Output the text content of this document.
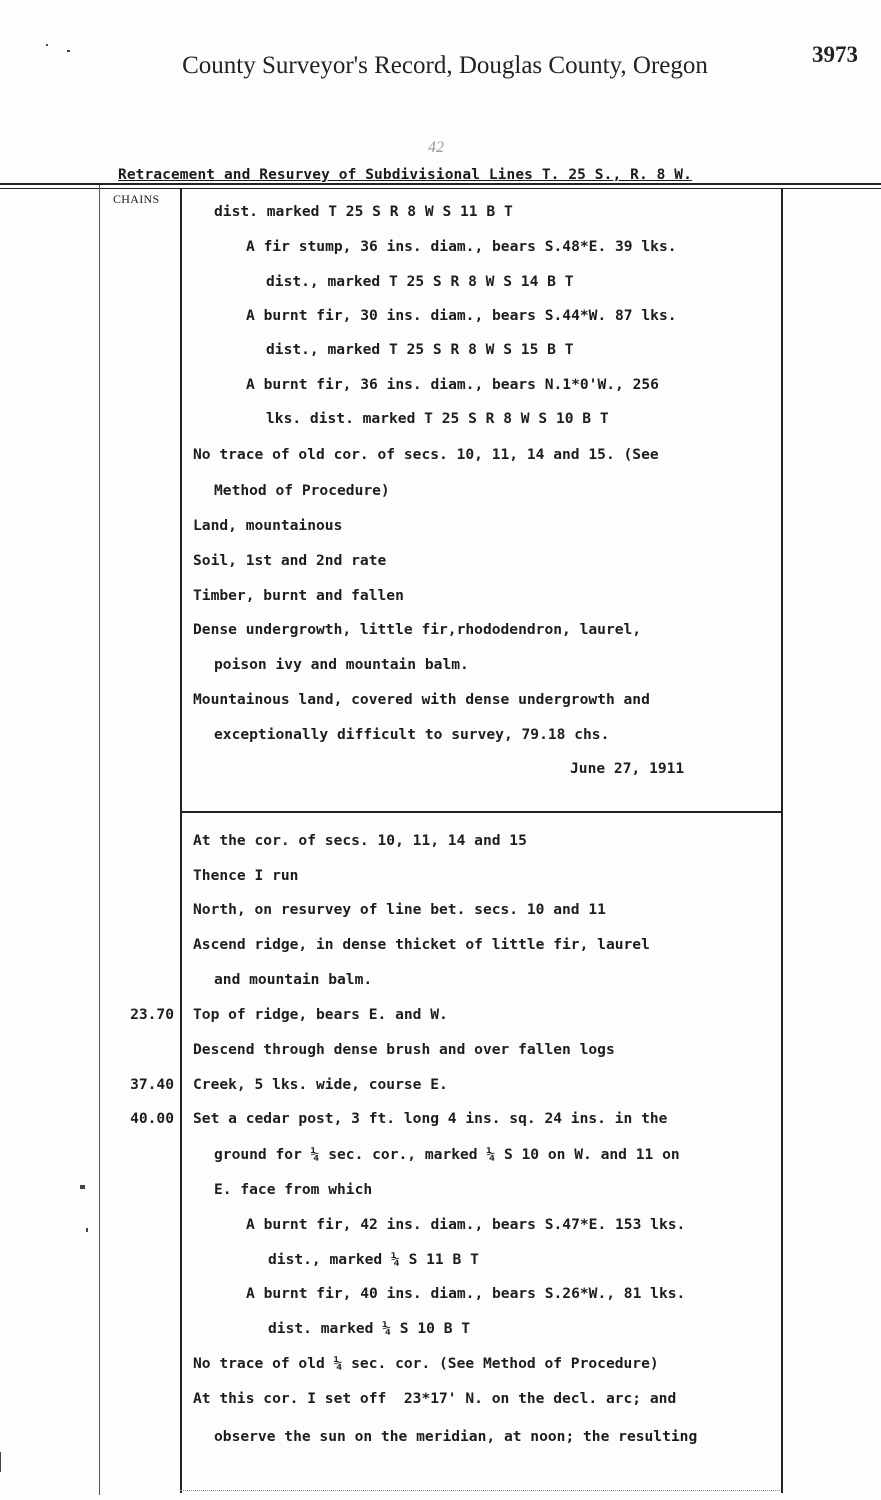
County Surveyor's Record, Douglas County, Oregon	3973
42
Retracement and Resurvey of Subdivisional Lines T. 25 S., R. 8 W.
CHAINS
dist. marked T 25 S R 8 W S 11 B T
A fir stump, 36 ins. diam., bears S.48*E. 39 lks.
dist., marked T 25 S R 8 W S 14 B T
A burnt fir, 30 ins. diam., bears S.44*W. 87 lks.
dist., marked T 25 S R 8 W S 15 B T
A burnt fir, 36 ins. diam., bears N.1*0'W., 256
lks. dist. marked T 25 S R 8 W S 10 B T
No trace of old cor. of secs. 10, 11, 14 and 15. (See
Method of Procedure)
Land, mountainous
Soil, 1st and 2nd rate
Timber, burnt and fallen
Dense undergrowth, little fir,rhododendron, laurel,
poison ivy and mountain balm.
Mountainous land, covered with dense undergrowth and
exceptionally difficult to survey, 79.18 chs.
June 27, 1911
At the cor. of secs. 10, 11, 14 and 15
Thence I run
North, on resurvey of line bet. secs. 10 and 11
Ascend ridge, in dense thicket of little fir, laurel
and mountain balm.
Top of ridge, bears E. and W.
Descend through dense brush and over fallen logs
Creek, 5 lks. wide, course E.
Set a cedar post, 3 ft. long 4 ins. sq. 24 ins. in the
ground for ¼ sec. cor., marked ¼ S 10 on W. and 11 on
E. face from which
A burnt fir, 42 ins. diam., bears S.47*E. 153 lks.
dist., marked ¼ S 11 B T
A burnt fir, 40 ins. diam., bears S.26*W., 81 lks.
dist. marked ¼ S 10 B T
No trace of old ¼ sec. cor. (See Method of Procedure)
At this cor. I set off  23*17' N. on the decl. arc; and
observe the sun on the meridian, at noon; the resulting
23.70
37.40
40.00
